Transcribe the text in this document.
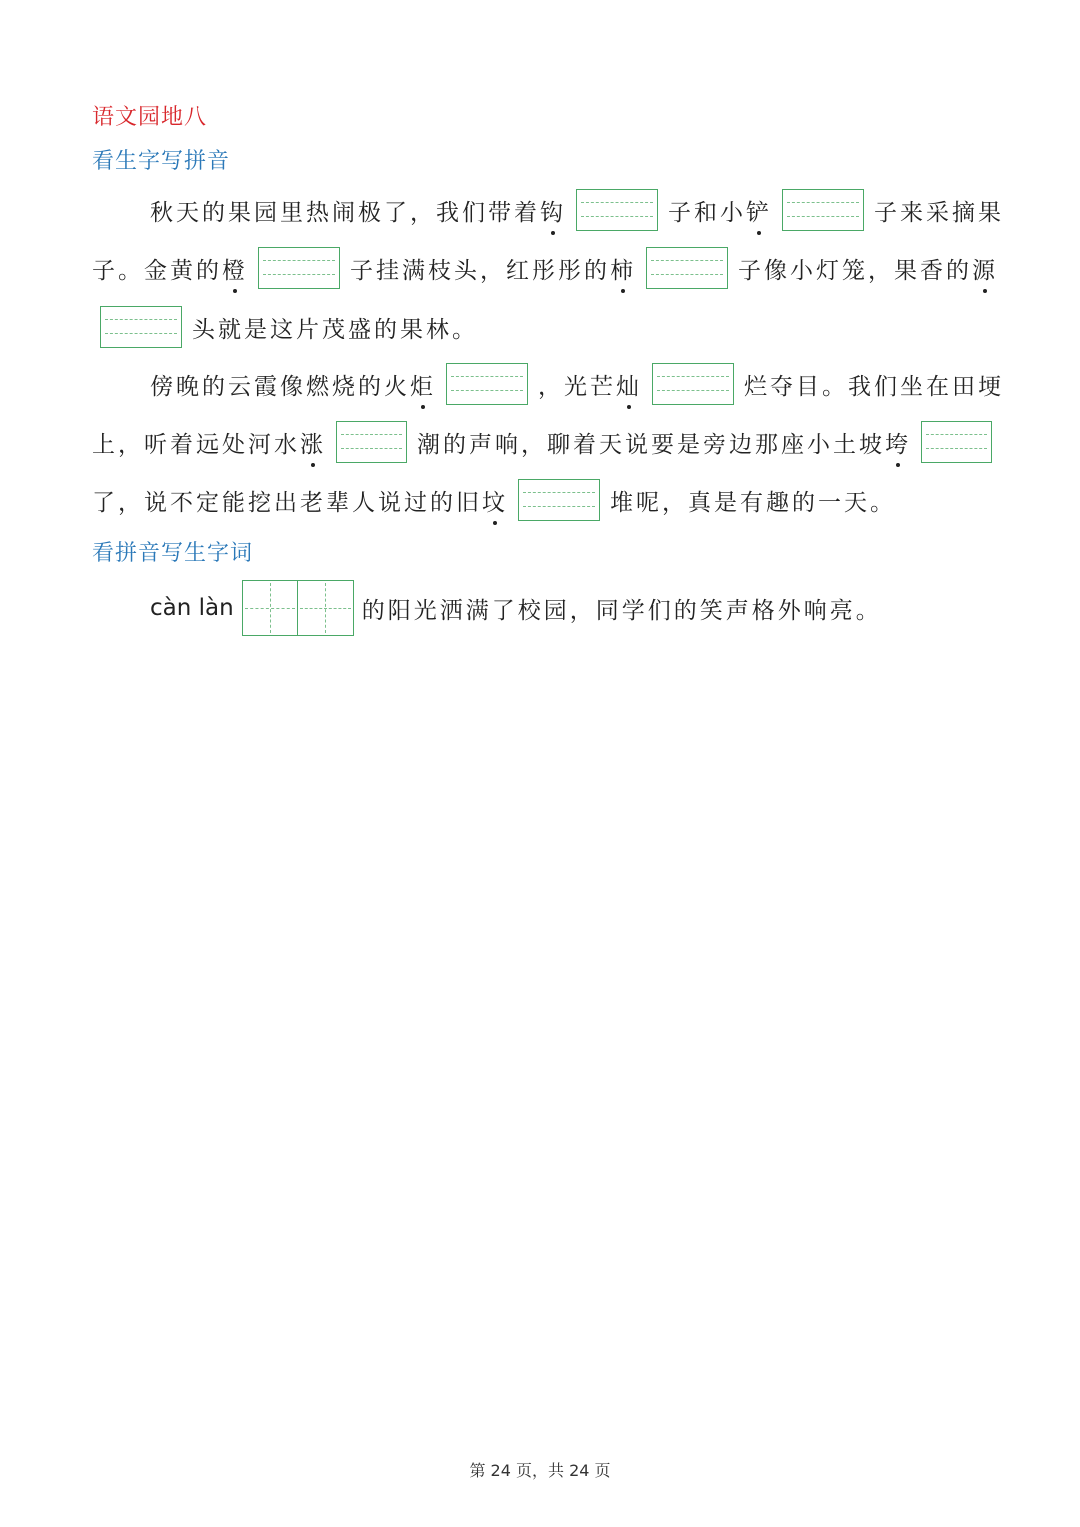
语文园地八
看生字写拼音
秋天的果园里热闹极了，我们带着 钩	子和小 铲	子来采摘果
子。金黄的 橙	子挂满枝头，红彤彤的 柿	子像小灯笼，果香的 源
头就是这片茂盛的果林。
傍晚的云霞像燃烧的火 炬	，光芒 灿	烂夺目。我们坐在田埂
上，听着远处河水 涨	潮的声响，聊着天说要是旁边那座小土坡 垮
了，说不定能挖出老辈人说过的旧 坟	堆呢，真是有趣的一天。
看拼音写生字词
càn làn	的阳光洒满了校园，同学们的笑声格外响亮。
第 24 页，共 24 页
